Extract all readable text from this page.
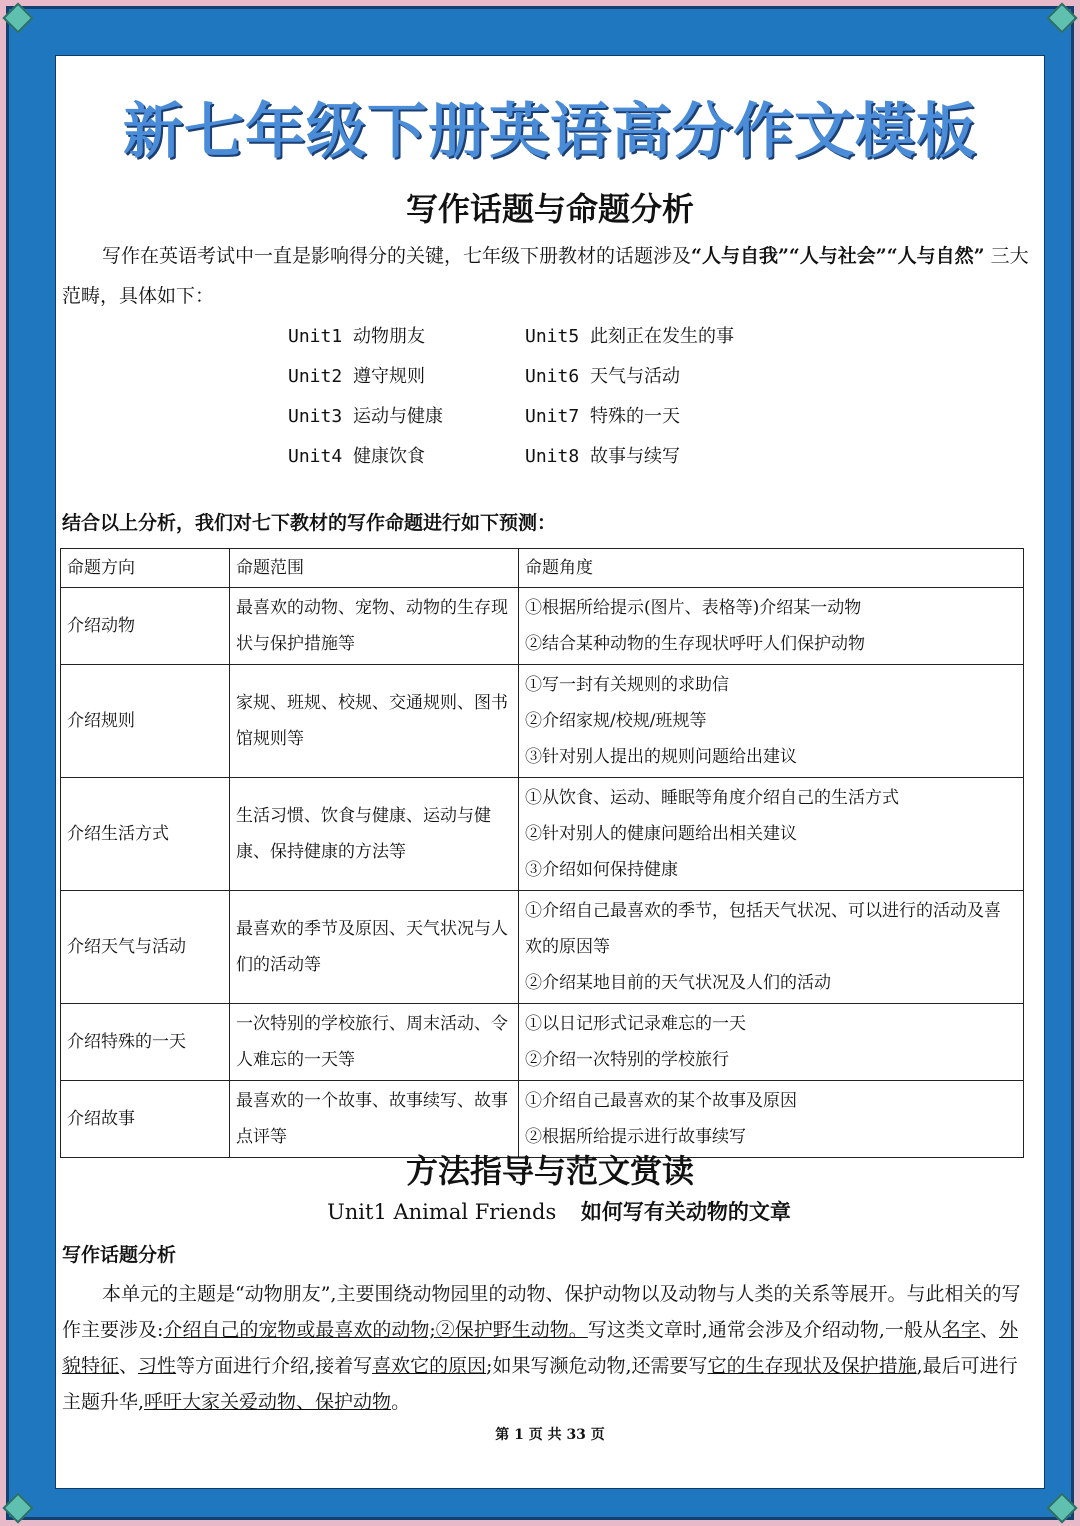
新七年级下册英语高分作文模板
写作话题与命题分析
写作在英语考试中一直是影响得分的关键，七年级下册教材的话题涉及“人与自我”“人与社会”“人与自然” 三大范畴，具体如下：
Unit1 动物朋友
Unit2 遵守规则
Unit3 运动与健康
Unit4 健康饮食
Unit5 此刻正在发生的事
Unit6 天气与活动
Unit7 特殊的一天
Unit8 故事与续写
结合以上分析，我们对七下教材的写作命题进行如下预测：
命题方向	命题范围	命题角度
介绍动物	最喜欢的动物、宠物、动物的生存现状与保护措施等	①根据所给提示(图片、表格等)介绍某一动物
②结合某种动物的生存现状呼吁人们保护动物

介绍规则	家规、班规、校规、交通规则、图书馆规则等	①写一封有关规则的求助信
②介绍家规/校规/班规等
③针对别人提出的规则问题给出建议

介绍生活方式	生活习惯、饮食与健康、运动与健康、保持健康的方法等	①从饮食、运动、睡眠等角度介绍自己的生活方式
②针对别人的健康问题给出相关建议
③介绍如何保持健康

介绍天气与活动	最喜欢的季节及原因、天气状况与人们的活动等	①介绍自己最喜欢的季节，包括天气状况、可以进行的活动及喜欢的原因等
②介绍某地目前的天气状况及人们的活动

介绍特殊的一天	一次特别的学校旅行、周末活动、令人难忘的一天等	①以日记形式记录难忘的一天
②介绍一次特别的学校旅行

介绍故事	最喜欢的一个故事、故事续写、故事点评等	①介绍自己最喜欢的某个故事及原因
②根据所给提示进行故事续写
方法指导与范文赏读
Unit1 Animal Friends 如何写有关动物的文章
写作话题分析
本单元的主题是“动物朋友”,主要围绕动物园里的动物、保护动物以及动物与人类的关系等展开。与此相关的写作主要涉及:介绍自己的宠物或最喜欢的动物;②保护野生动物。写这类文章时,通常会涉及介绍动物,一般从名字、外貌特征、习性等方面进行介绍,接着写喜欢它的原因;如果写濒危动物,还需要写它的生存现状及保护措施,最后可进行主题升华,呼吁大家关爱动物、保护动物。
第 1 页 共 33 页
